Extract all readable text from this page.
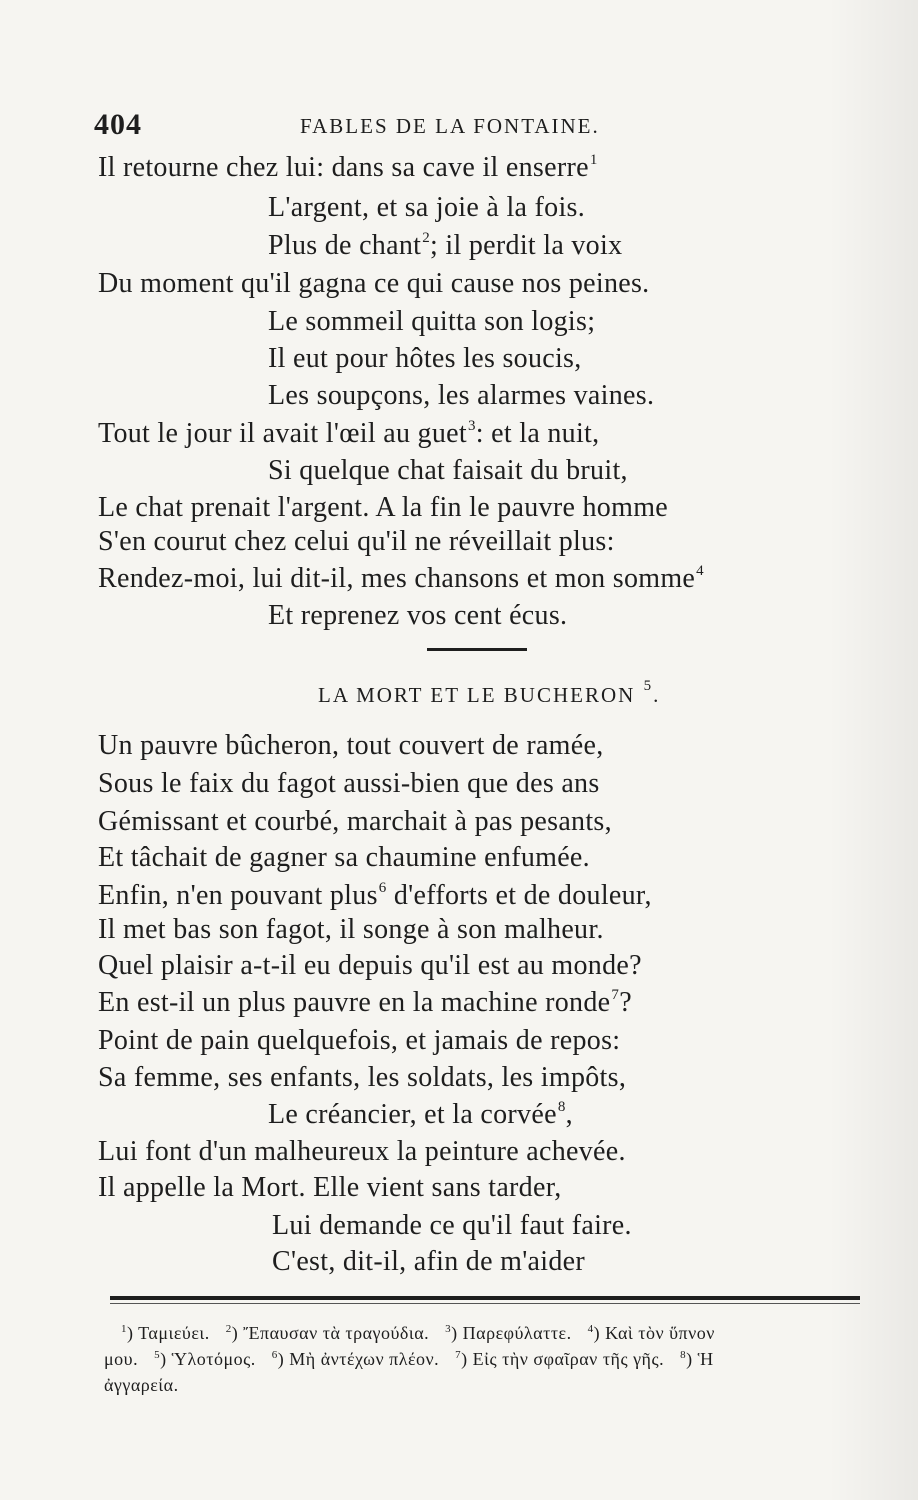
404	FABLES DE LA FONTAINE.
Il retourne chez lui: dans sa cave il enserre$^1$
L'argent, et sa joie à la fois.
Plus de chant$^2$; il perdit la voix
Du moment qu'il gagna ce qui cause nos peines.
Le sommeil quitta son logis;
Il eut pour hôtes les soucis,
Les soupçons, les alarmes vaines.
Tout le jour il avait l'œil au guet$^3$: et la nuit,
Si quelque chat faisait du bruit,
Le chat prenait l'argent. A la fin le pauvre homme
S'en courut chez celui qu'il ne réveillait plus:
Rendez-moi, lui dit-il, mes chansons et mon somme$^4$
Et reprenez vos cent écus.
LA MORT ET LE BUCHERON $^5$.
Un pauvre bûcheron, tout couvert de ramée,
Sous le faix du fagot aussi-bien que des ans
Gémissant et courbé, marchait à pas pesants,
Et tâchait de gagner sa chaumine enfumée.
Enfin, n'en pouvant plus$^6$ d'efforts et de douleur,
Il met bas son fagot, il songe à son malheur.
Quel plaisir a-t-il eu depuis qu'il est au monde?
En est-il un plus pauvre en la machine ronde$^7$?
Point de pain quelquefois, et jamais de repos:
Sa femme, ses enfants, les soldats, les impôts,
Le créancier, et la corvée$^8$,
Lui font d'un malheureux la peinture achevée.
Il appelle la Mort. Elle vient sans tarder,
Lui demande ce qu'il faut faire.
C'est, dit-il, afin de m'aider
$^1$) Ταμιεύει. $^2$) Ἔπαυσαν τὰ τραγούδια. $^3$) Παρεφύλαττε. $^4$) Καὶ τὸν ὕπνον
μου. $^5$) Ὑλοτόμος. $^6$) Μὴ ἀντέχων πλέον. $^7$) Εἰς τὴν σφαῖραν τῆς γῆς. $^8$) Ἡ
ἀγγαρεία.
